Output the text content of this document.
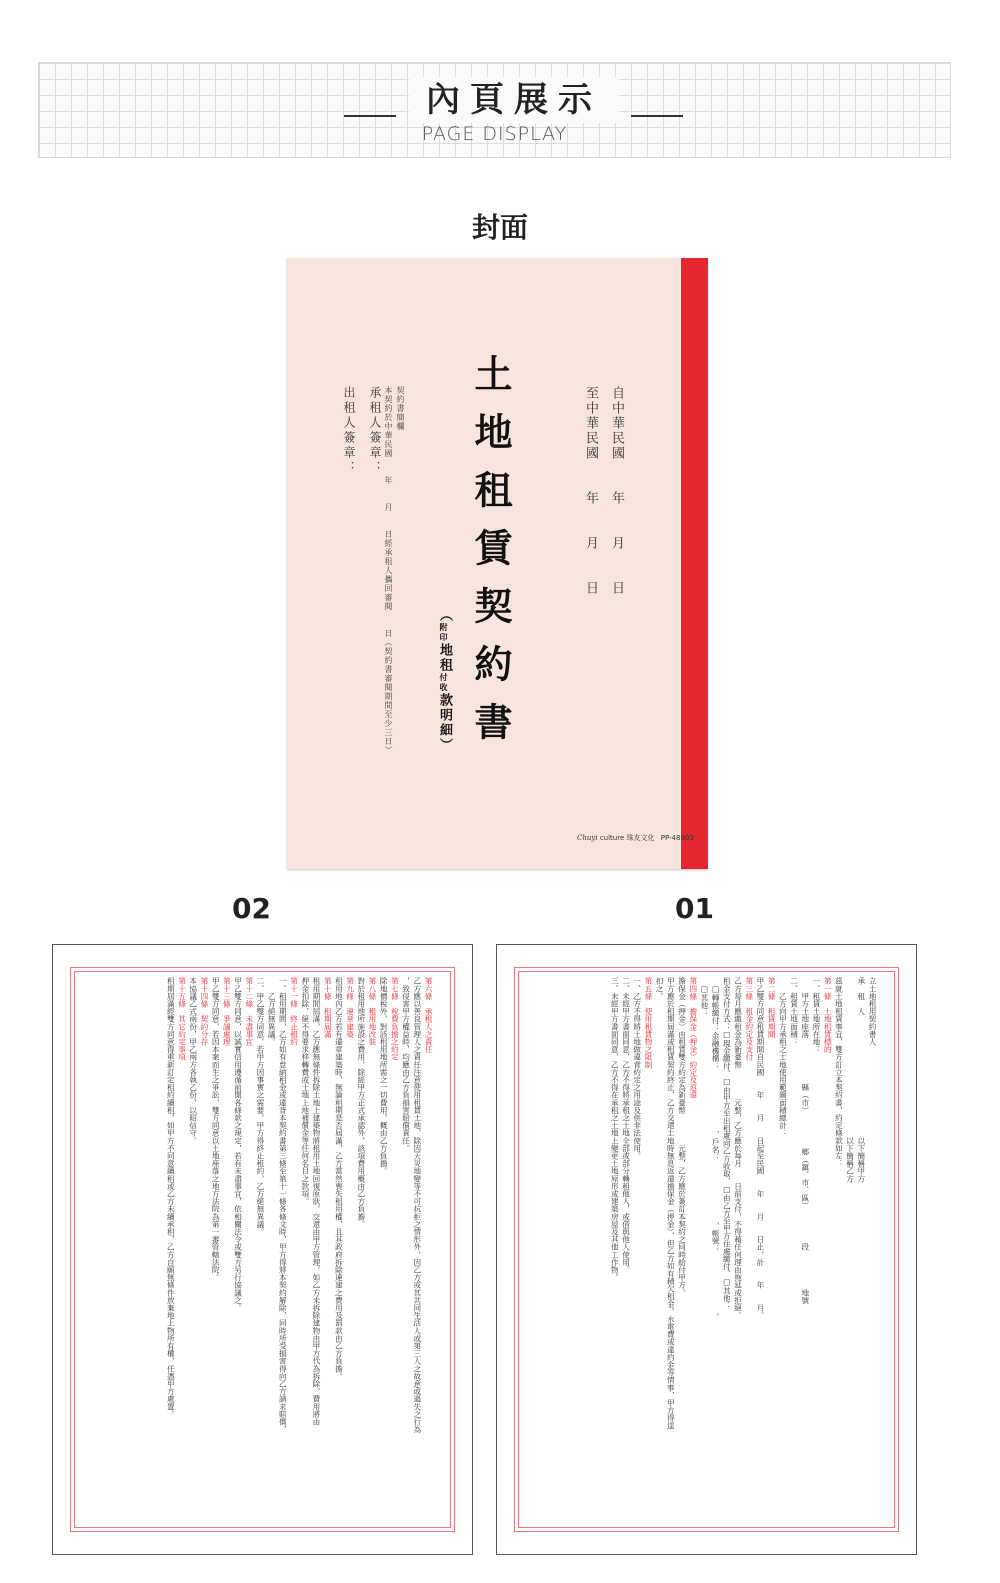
內頁展示
PAGE DISPLAY
封面
自中華民國　　年　　月　　日
至中華民國　　年　　月　　日
土地租賃契約書
（附印地租付收款明細）
契約書簡欄
本契約於中華民國　　年　　月　　日經承租人攜回審閱　　日（契約書審閱期間至少三日）
承租人簽章：
出租人簽章：
Chuyi culture 珠友文化 PP-48003
02	01
第六條　承租人之責任
乙方應以善良管理人之責任注意使用租賃土地，除因天災地變等不可抗拒之情形外，因乙方或其共同生活人或第三人之故意或過失之行為
，致侵害甲方權益時，均應由乙方負損害賠償責任。
第七條　稅費負擔之約定
除地價稅外，對該租用地所需之一切費用，概由乙方負擔。
第八條　租用地改裝
對於租用地所施設之費用，除經甲方正式承認外，該項費用概由乙方負擔。
第九條　違章建築
租用地內乙方若有違章建築時，無論租期是否屆滿，乙方當然喪失租用權，且其政府拆除違建之費用及罰款由乙方負擔。
第十條　租期屆滿
租用期間屆滿，乙方應無條件拆除土地上建築物將租用土地回復原狀，交還由甲方管理，如乙方未拆除建物由甲方代為拆除，費用將由
押金扣除，絕不得要求移轉費或土地上地補償金等任何名目之款項。
第十一條　終止租約
一、租用期間，乙方如有怠納租金或違背本契約書第三條至第十一條各條文時，甲方得將本契約解除，同時所受損害得向乙方請求賠償，
　　乙方絕無異議。
二、甲乙雙方同意，若甲方因事實之需要，甲方得終止租約，乙方絕無異議。
第十二條　未盡事宜
甲乙雙方同意，以誠實信用遵循前開各條款之規定，若有未盡事宜，依相關法令或雙方另行協議之。
第十三條　爭議處理
甲乙雙方同意，若因本案而生之爭訟，雙方同意以土地座落之地方法院為第一審管轄法院。
第十四條　契約分存
本協議乙式兩份，甲乙兩方各執乙份，以昭信守。
第十五條　其它約定事項
租期屆滿經雙方同意得重新訂定租約續租，如甲方不同意續租或乙方未續承租，乙方自願無條件放棄地上物所有權，任憑甲方處置。	立土地租用契約書人
承　租　人　　　　　　　　　　　　　　　　以下簡稱甲方
　　　　　　　　　　　　　　　　　　　　　以下簡稱乙方
茲就土地租賃事宜，雙方訂立本契約書，約定條款如左：
第一條　土地租賃標的
一、租賃土地所在地：
　　甲方土地座落　　　　　　縣（市）　　　　　鄉（鎮、市、區）　　　　　段　　　　　地號
二、租賃土地面積：
　　乙方向甲方承租之土地使用範圍面積總計：
第二條　租賃期間
甲乙雙方同意租賃期間自民國　　年　　月　　日起至民國　　年　　月　　日止，計　　年　　月。
第三條　租金約定及支付
乙方每月應繳租金為新臺幣　　　　元整，乙方應於每月　　日前支付，不得藉任何理由拖延或拒絕。
租金支付方式：□現金繳付、□由甲方至出租處向乙方收取、□由乙方至甲方住處繳付、□其他：
　□轉帳繳付：金融機構：　　　　　　　　，戶名：　　　　　　　　，帳號：　　　　　　　　。
　□其他：
第四條　擔保金（押金）約定及返還
擔保金（押金）由租賃雙方約定為新臺幣　　　　元整，乙方應於簽訂本契約之同時給付甲方。
甲方應於租期屆滿或租賃契約終止，乙方交還土地時無息返還擔保金（押金），但乙方如有積欠租金、水電費或違約金等情事，甲方得逕
扣之。
第五條　使用租賃物之限制
一、乙方不得將土地做違背約定之用途及供非法使用。
二、未經甲方書面同意，乙方不得將承租之土地全部或部分轉租他人，或借與他人使用。
三、未經甲方書面同意，乙方不得在承租之土地上變更土地原形或建築房屋及其他工作物。
